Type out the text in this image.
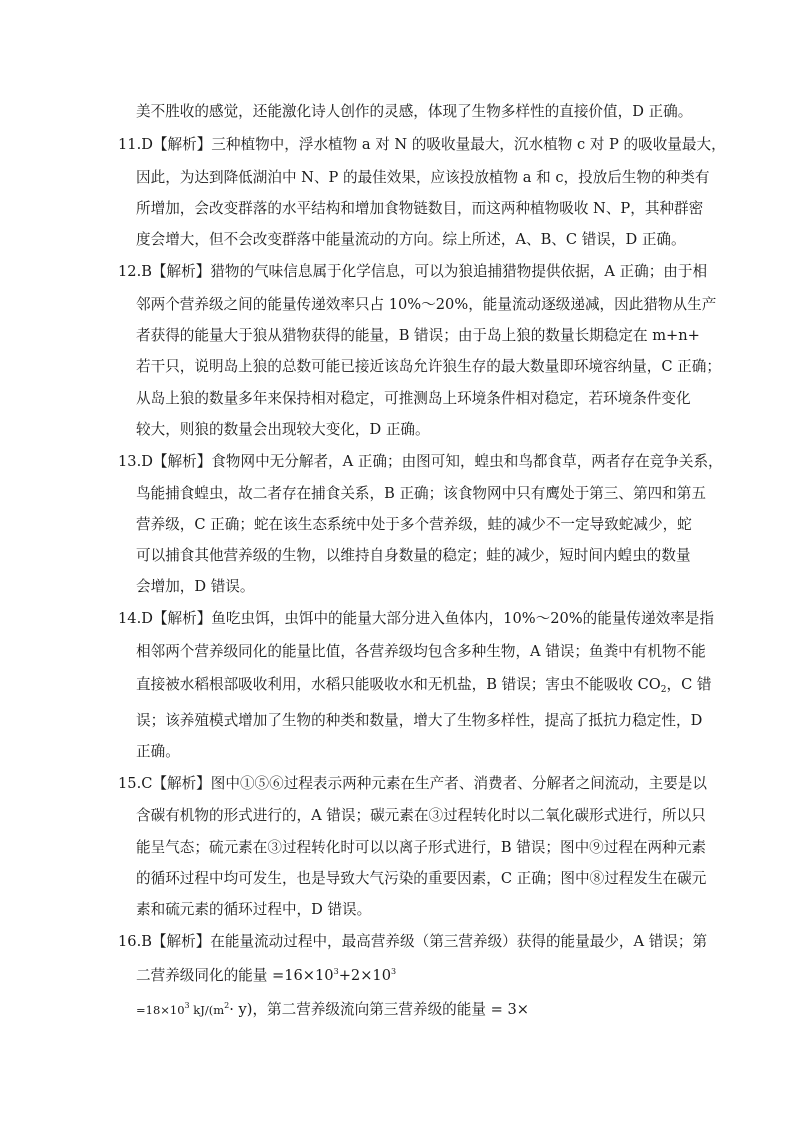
美不胜收的感觉，还能激化诗人创作的灵感，体现了生物多样性的直接价值，D 正确。
11.D【解析】三种植物中，浮水植物 a 对 N 的吸收量最大，沉水植物 c 对 P 的吸收量最大，
因此，为达到降低湖泊中 N、P 的最佳效果，应该投放植物 a 和 c，投放后生物的种类有
所增加，会改变群落的水平结构和增加食物链数目，而这两种植物吸收 N、P，其种群密
度会增大，但不会改变群落中能量流动的方向。综上所述，A、B、C 错误，D 正确。
12.B【解析】猎物的气味信息属于化学信息，可以为狼追捕猎物提供依据，A 正确；由于相
邻两个营养级之间的能量传递效率只占 10%～20%，能量流动逐级递减，因此猎物从生产
者获得的能量大于狼从猎物获得的能量，B 错误；由于岛上狼的数量长期稳定在 m+n+
若干只，说明岛上狼的总数可能已接近该岛允许狼生存的最大数量即环境容纳量，C 正确；
从岛上狼的数量多年来保持相对稳定，可推测岛上环境条件相对稳定，若环境条件变化
较大，则狼的数量会出现较大变化，D 正确。
13.D【解析】食物网中无分解者，A 正确；由图可知，蝗虫和鸟都食草，两者存在竞争关系，
鸟能捕食蝗虫，故二者存在捕食关系，B 正确；该食物网中只有鹰处于第三、第四和第五
营养级，C 正确；蛇在该生态系统中处于多个营养级，蛙的减少不一定导致蛇减少，蛇
可以捕食其他营养级的生物，以维持自身数量的稳定；蛙的减少，短时间内蝗虫的数量
会增加，D 错误。
14.D【解析】鱼吃虫饵，虫饵中的能量大部分进入鱼体内，10%～20%的能量传递效率是指
相邻两个营养级同化的能量比值，各营养级均包含多种生物，A 错误；鱼粪中有机物不能
直接被水稻根部吸收利用，水稻只能吸收水和无机盐，B 错误；害虫不能吸收 $CO_2$，C 错
误；该养殖模式增加了生物的种类和数量，增大了生物多样性，提高了抵抗力稳定性，D
正确。
15.C【解析】图中①⑤⑥过程表示两种元素在生产者、消费者、分解者之间流动，主要是以
含碳有机物的形式进行的，A 错误；碳元素在③过程转化时以二氧化碳形式进行，所以只
能呈气态；硫元素在③过程转化时可以以离子形式进行，B 错误；图中⑨过程在两种元素
的循环过程中均可发生，也是导致大气污染的重要因素，C 正确；图中⑧过程发生在碳元
素和硫元素的循环过程中，D 错误。
16.B【解析】在能量流动过程中，最高营养级（第三营养级）获得的能量最少，A 错误；第
二营养级同化的能量 $=16\times 10^3+2\times 10^3$
$=18\times 10^3$ $kJ/(m^2\cdot y)$，第二营养级流向第三营养级的能量 = 3×
